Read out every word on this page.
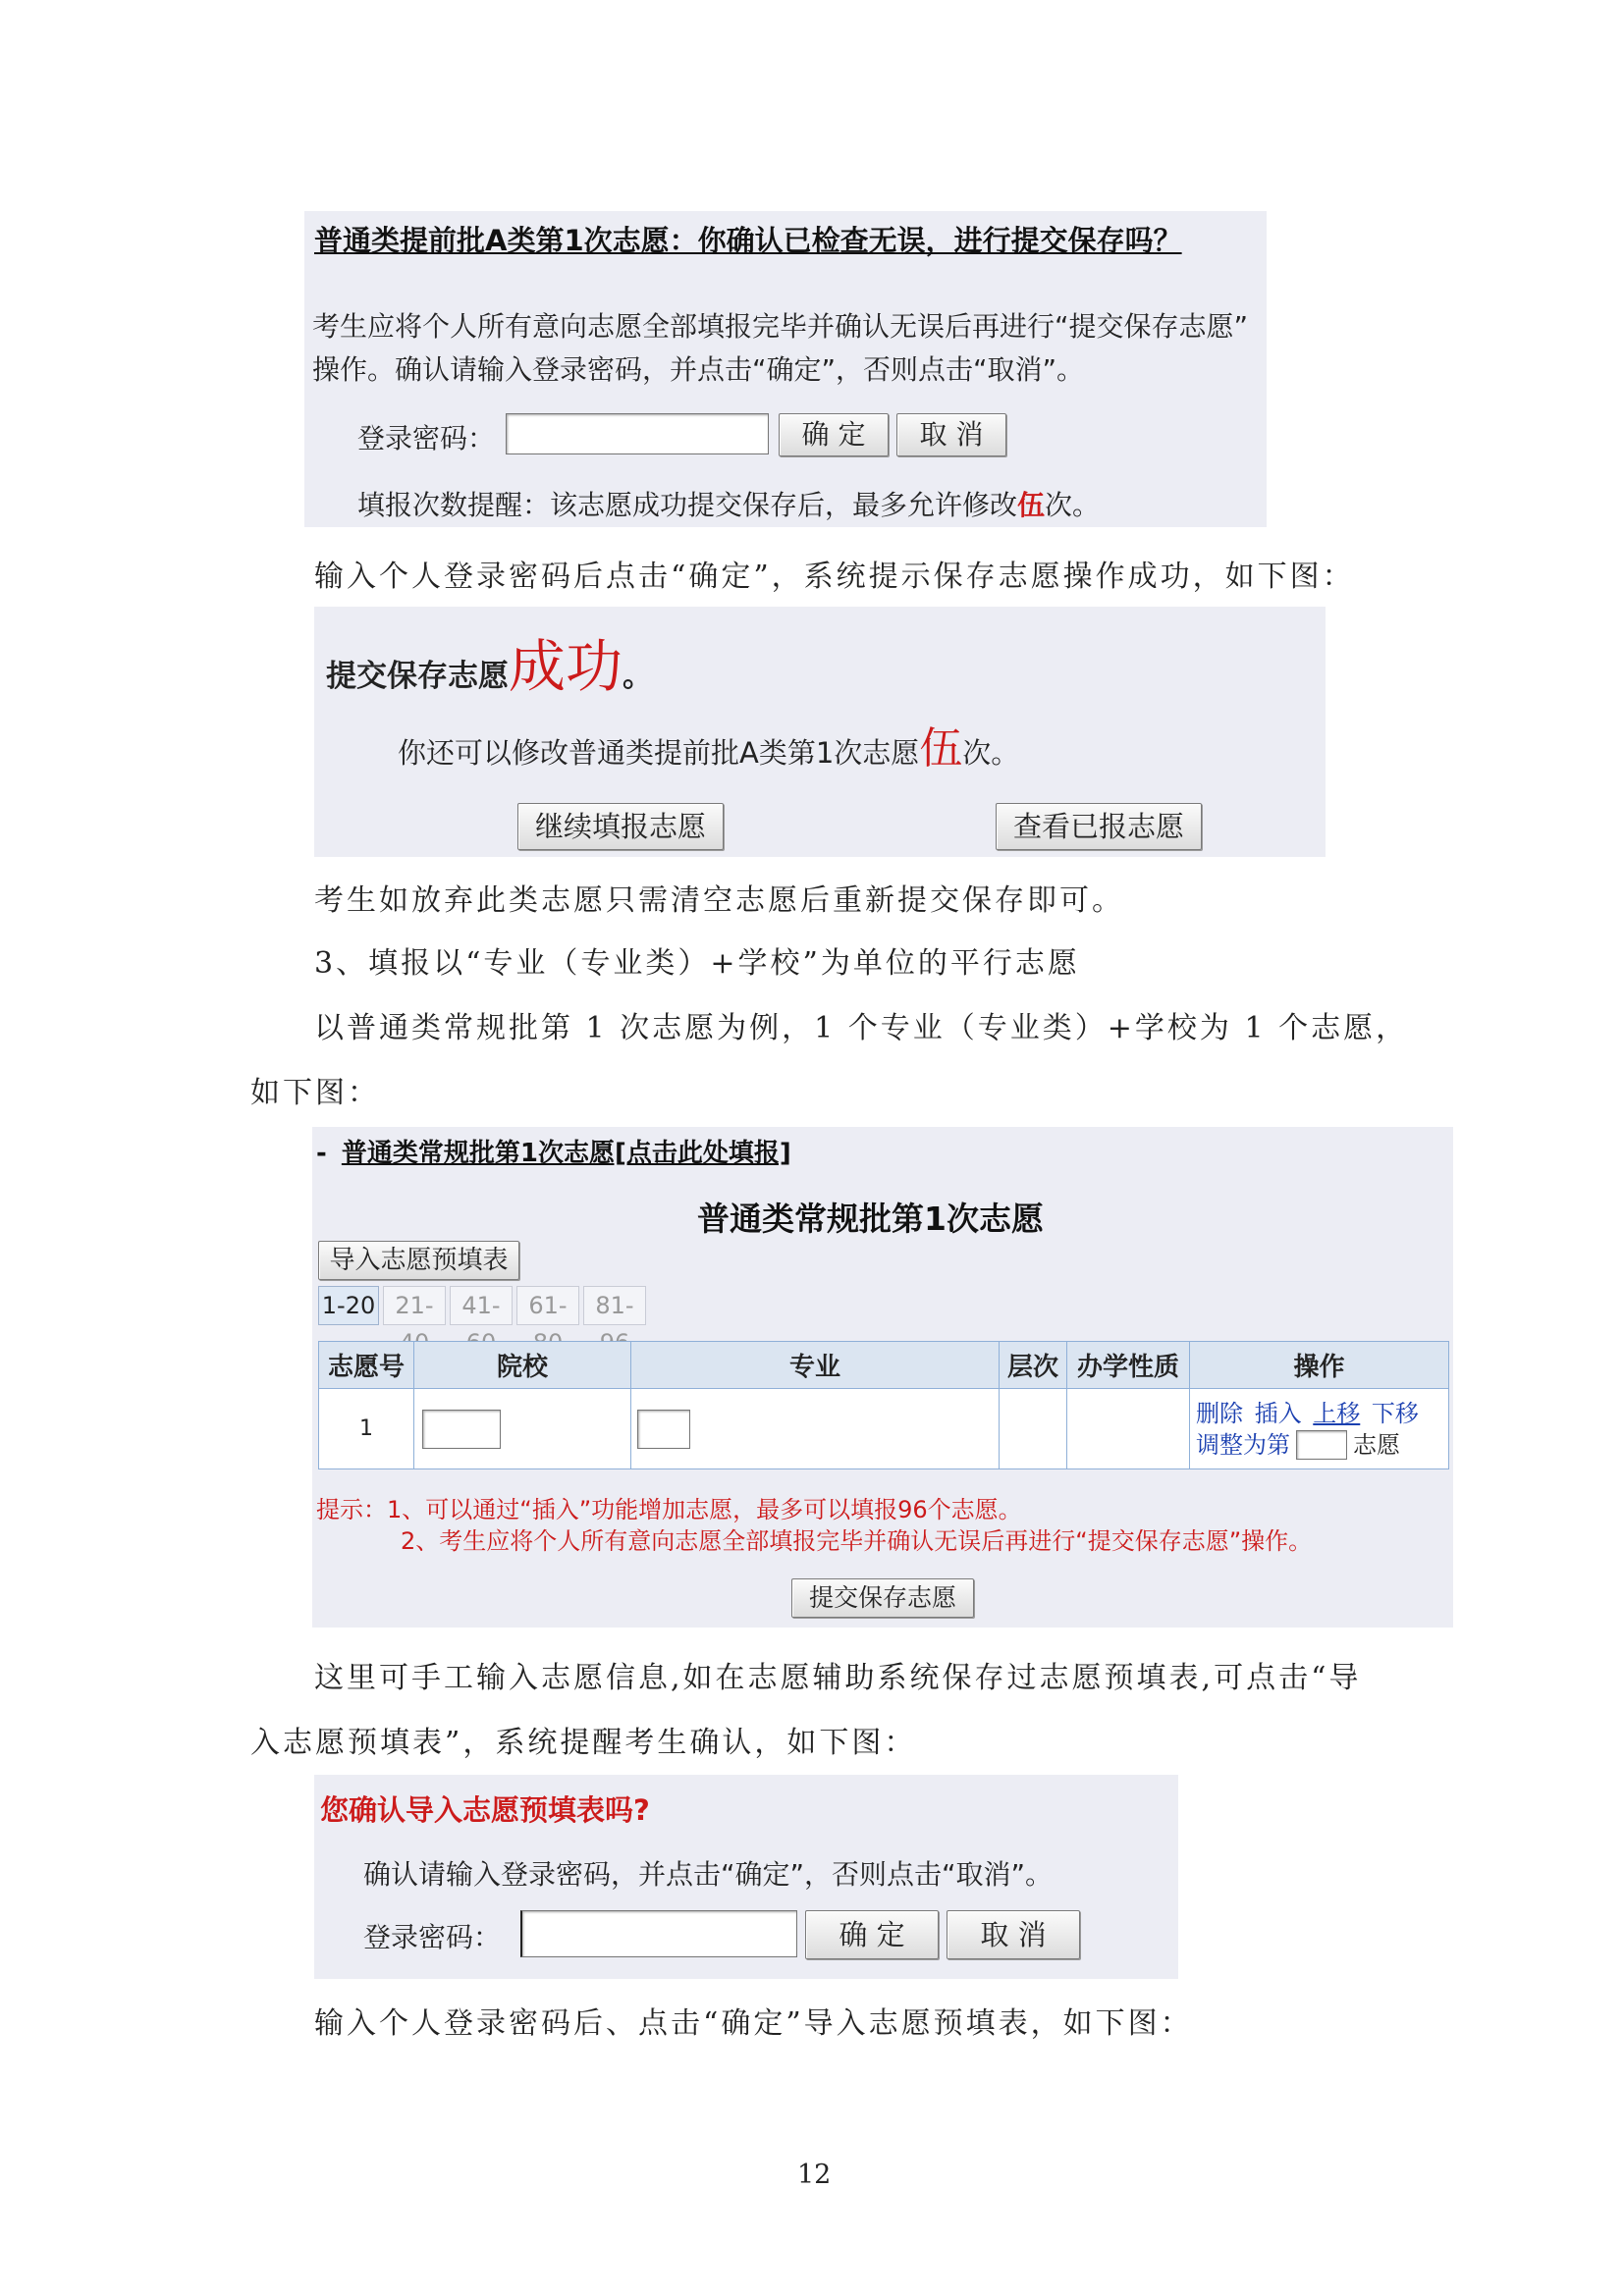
普通类提前批A类第1次志愿：你确认已检查无误，进行提交保存吗？
考生应将个人所有意向志愿全部填报完毕并确认无误后再进行“提交保存志愿”
操作。确认请输入登录密码，并点击“确定”，否则点击“取消”。
登录密码：	确 定	取 消
填报次数提醒：该志愿成功提交保存后，最多允许修改伍次。
输入个人登录密码后点击“确定”，系统提示保存志愿操作成功，如下图：
提交保存志愿成功。
你还可以修改普通类提前批A类第1次志愿伍次。
继续填报志愿	查看已报志愿
考生如放弃此类志愿只需清空志愿后重新提交保存即可。
3、填报以“专业（专业类）+学校”为单位的平行志愿
以普通类常规批第 1 次志愿为例，1 个专业（专业类）+学校为 1 个志愿，
如下图：
- 普通类常规批第1次志愿[点击此处填报]
普通类常规批第1次志愿
导入志愿预填表
1-20 21-40
41-60
61-80
81-96
志愿号	院校	专业	层次	办学性质	操作
1					删除 插入 上移 下移
调整为第 志愿
提示：1、可以通过“插入”功能增加志愿，最多可以填报96个志愿。
2、考生应将个人所有意向志愿全部填报完毕并确认无误后再进行“提交保存志愿”操作。
提交保存志愿
这里可手工输入志愿信息,如在志愿辅助系统保存过志愿预填表,可点击“导
入志愿预填表”，系统提醒考生确认，如下图：
您确认导入志愿预填表吗?
确认请输入登录密码，并点击“确定”，否则点击“取消”。
登录密码：	确 定	取 消
输入个人登录密码后、点击“确定”导入志愿预填表，如下图：
12
